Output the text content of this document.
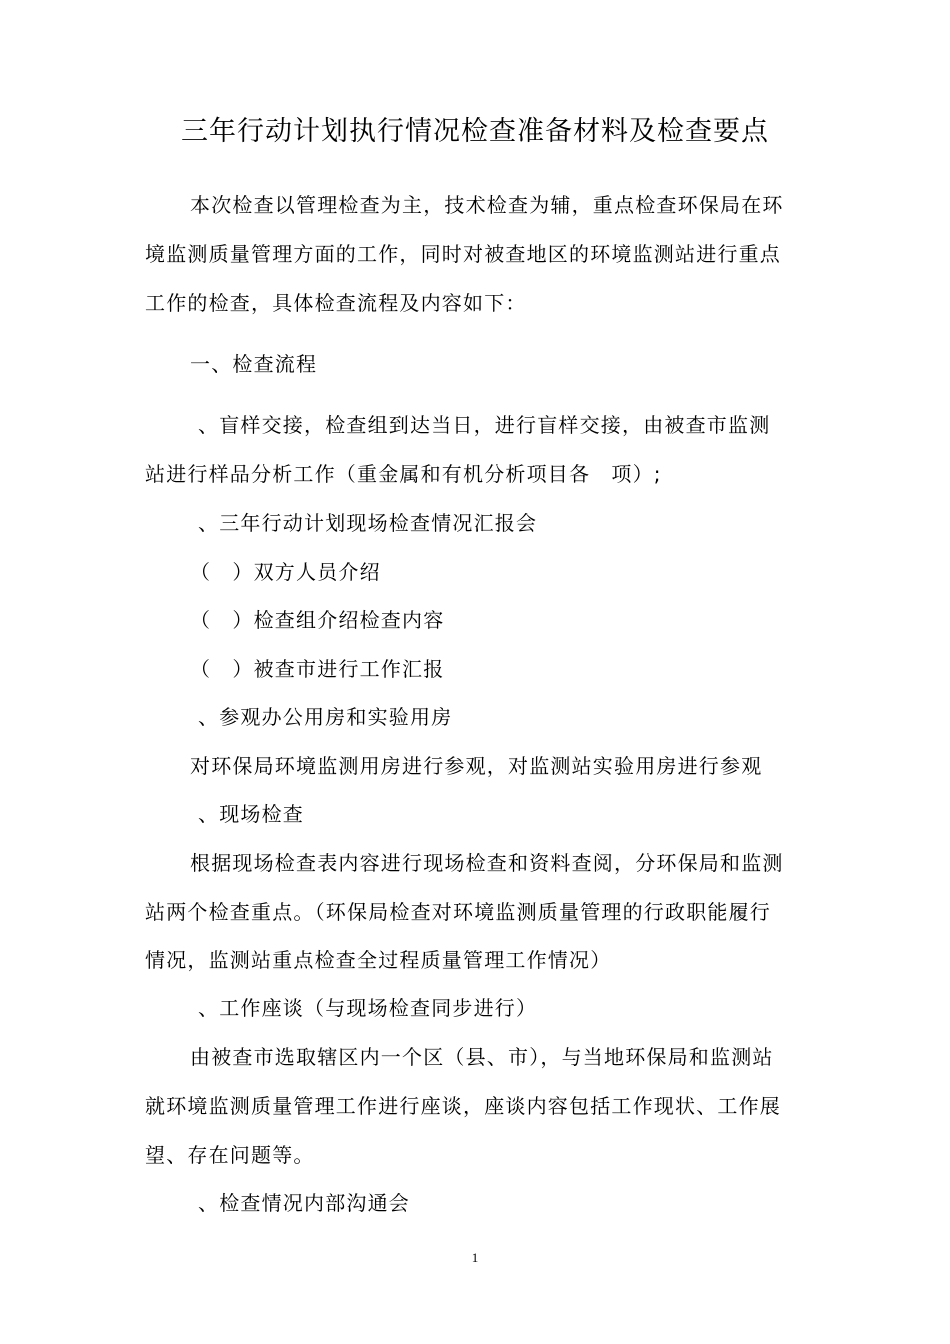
三年行动计划执行情况检查准备材料及检查要点
本次检查以管理检查为主，技术检查为辅，重点检查环保局在环
境监测质量管理方面的工作，同时对被查地区的环境监测站进行重点
工作的检查，具体检查流程及内容如下：
一、检查流程
、盲样交接，检查组到达当日，进行盲样交接，由被查市监测
站进行样品分析工作（重金属和有机分析项目各　项）;
、三年行动计划现场检查情况汇报会
（　）双方人员介绍
（　）检查组介绍检查内容
（　）被查市进行工作汇报
、参观办公用房和实验用房
对环保局环境监测用房进行参观，对监测站实验用房进行参观
、现场检查
根据现场检查表内容进行现场检查和资料查阅，分环保局和监测
站两个检查重点。（环保局检查对环境监测质量管理的行政职能履行
情况，监测站重点检查全过程质量管理工作情况）
、工作座谈（与现场检查同步进行）
由被查市选取辖区内一个区（县、市），与当地环保局和监测站
就环境监测质量管理工作进行座谈，座谈内容包括工作现状、工作展
望、存在问题等。
、检查情况内部沟通会
1
